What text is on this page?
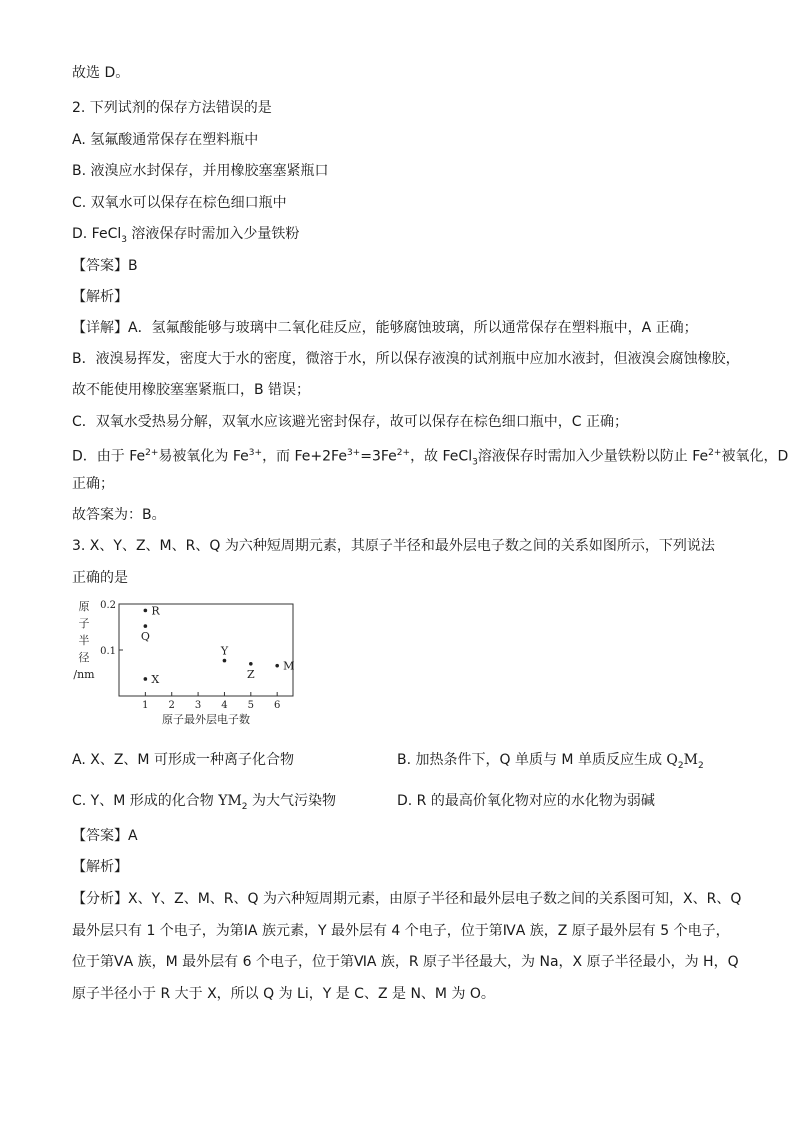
故选 D。
2. 下列试剂的保存方法错误的是
A. 氢氟酸通常保存在塑料瓶中
B. 液溴应水封保存，并用橡胶塞塞紧瓶口
C. 双氧水可以保存在棕色细口瓶中
D. FeCl$_3$ 溶液保存时需加入少量铁粉
【答案】B
【解析】
【详解】A．氢氟酸能够与玻璃中二氧化硅反应，能够腐蚀玻璃，所以通常保存在塑料瓶中，A 正确；
B．液溴易挥发，密度大于水的密度，微溶于水，所以保存液溴的试剂瓶中应加水液封，但液溴会腐蚀橡胶，
故不能使用橡胶塞塞紧瓶口，B 错误；
C．双氧水受热易分解，双氧水应该避光密封保存，故可以保存在棕色细口瓶中，C 正确；
D．由于 $Fe^{2+}$易被氧化为 $Fe^{3+}$，而 $Fe+2Fe^{3+}=3Fe^{2+}$，故 FeCl$_3$溶液保存时需加入少量铁粉以防止 $Fe^{2+}$被氧化，D
正确；
故答案为：B。
3. X、Y、Z、M、R、Q 为六种短周期元素，其原子半径和最外层电子数之间的关系如图所示，下列说法
正确的是
0.2
0.1
1 2 3 4 5 6
原
子
半
径
/nm
原子最外层电子数
R
Q
X
Y
Z
M
A. X、Z、M 可形成一种离子化合物	B. 加热条件下，Q 单质与 M 单质反应生成 $Q_2M_2$
C. Y、M 形成的化合物 $YM_2$ 为大气污染物	D. R 的最高价氧化物对应的水化物为弱碱
【答案】A
【解析】
【分析】X、Y、Z、M、R、Q 为六种短周期元素，由原子半径和最外层电子数之间的关系图可知，X、R、Q
最外层只有 1 个电子，为第ⅠA 族元素，Y 最外层有 4 个电子，位于第ⅣA 族，Z 原子最外层有 5 个电子，
位于第ⅤA 族，M 最外层有 6 个电子，位于第ⅥA 族，R 原子半径最大，为 Na，X 原子半径最小，为 H，Q
原子半径小于 R 大于 X，所以 Q 为 Li，Y 是 C、Z 是 N、M 为 O。
